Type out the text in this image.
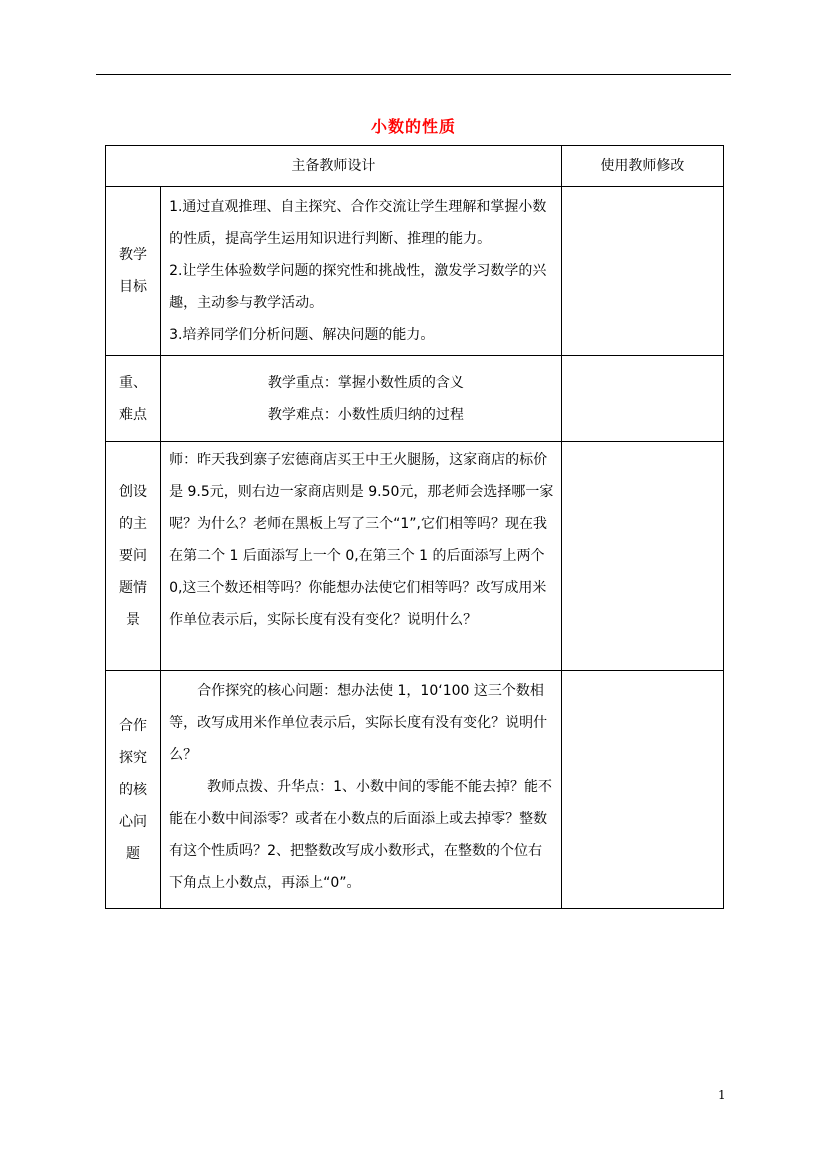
小数的性质
主备教师设计		使用教师修改
教学目标	1.通过直观推理、自主探究、合作交流让学生理解和掌握小数的性质，提高学生运用知识进行判断、推理的能力。

2.让学生体验数学问题的探究性和挑战性，激发学习数学的兴趣，主动参与教学活动。

3.培养同学们分析问题、解决问题的能力。	

重、难点	教学重点：掌握小数性质的含义

教学难点：小数性质归纳的过程	

创设的主要问题情景	师：昨天我到寨子宏德商店买王中王火腿肠，这家商店的标价是 9.5元，则右边一家商店则是 9.50元，那老师会选择哪一家呢？为什么？老师在黑板上写了三个“1”,它们相等吗？现在我在第二个 1 后面添写上一个 0,在第三个 1 的后面添写上两个 0,这三个数还相等吗？你能想办法使它们相等吗？改写成用米作单位表示后，实际长度有没有变化？说明什么？	

合作探究的核心问题	合作探究的核心问题：想办法使 1，10‘100 这三个数相等，改写成用米作单位表示后，实际长度有没有变化？说明什么？

教师点拨、升华点：1、小数中间的零能不能去掉？能不能在小数中间添零？或者在小数点的后面添上或去掉零？整数有这个性质吗？2、把整数改写成小数形式，在整数的个位右下角点上小数点，再添上“0”。	

1
